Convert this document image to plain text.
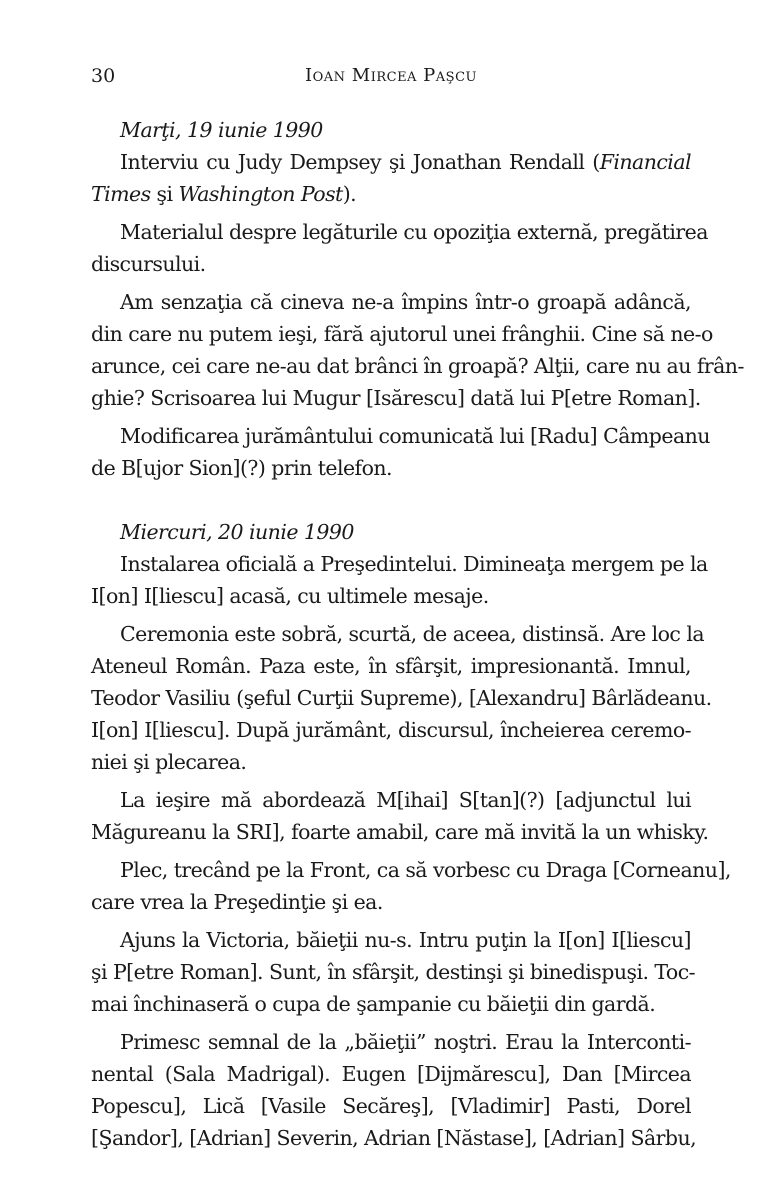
30	Ioan Mircea Paşcu

Marţi, 19 iunie 1990

Interviu cu Judy Dempsey şi Jonathan Rendall (Financial
Times şi Washington Post).

Materialul despre legăturile cu opoziţia externă, pregătirea
discursului.

Am senzaţia că cineva ne-a împins într-o groapă adâncă,
din care nu putem ieşi, fără ajutorul unei frânghii. Cine să ne-o
arunce, cei care ne-au dat brânci în groapă? Alţii, care nu au frân-
ghie? Scrisoarea lui Mugur [Isărescu] dată lui P[etre Roman].

Modificarea jurământului comunicată lui [Radu] Câmpeanu
de B[ujor Sion](?) prin telefon.

Miercuri, 20 iunie 1990

Instalarea oficială a Preşedintelui. Dimineaţa mergem pe la
I[on] I[liescu] acasă, cu ultimele mesaje.

Ceremonia este sobră, scurtă, de aceea, distinsă. Are loc la
Ateneul Român. Paza este, în sfârşit, impresionantă. Imnul,
Teodor Vasiliu (şeful Curţii Supreme), [Alexandru] Bârlădeanu.
I[on] I[liescu]. După jurământ, discursul, încheierea ceremo-
niei şi plecarea.

La ieşire mă abordează M[ihai] S[tan](?) [adjunctul lui
Măgureanu la SRI], foarte amabil, care mă invită la un whisky.

Plec, trecând pe la Front, ca să vorbesc cu Draga [Corneanu],
care vrea la Preşedinţie şi ea.

Ajuns la Victoria, băieţii nu-s. Intru puţin la I[on] I[liescu]
şi P[etre Roman]. Sunt, în sfârşit, destinşi şi binedispuşi. Toc-
mai închinaseră o cupa de şampanie cu băieţii din gardă.

Primesc semnal de la „băieţii” noştri. Erau la Interconti-
nental (Sala Madrigal). Eugen [Dijmărescu], Dan [Mircea
Popescu], Lică [Vasile Secăreş], [Vladimir] Pasti, Dorel
[Şandor], [Adrian] Severin, Adrian [Năstase], [Adrian] Sârbu,
